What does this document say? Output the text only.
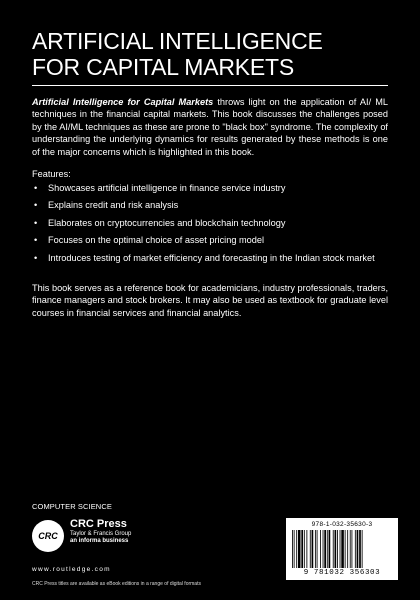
ARTIFICIAL INTELLIGENCE
FOR CAPITAL MARKETS
Artificial Intelligence for Capital Markets throws light on the application of AI/ ML techniques in the financial capital markets. This book discusses the challenges posed by the AI/ML techniques as these are prone to "black box" syndrome. The complexity of understanding the underlying dynamics for results generated by these methods is one of the major concerns which is highlighted in this book.
Features:
• Showcases artificial intelligence in finance service industry
• Explains credit and risk analysis
• Elaborates on cryptocurrencies and blockchain technology
• Focuses on the optimal choice of asset pricing model
• Introduces testing of market efficiency and forecasting in the Indian stock market
This book serves as a reference book for academicians, industry professionals, traders, finance managers and stock brokers. It may also be used as textbook for graduate level courses in financial services and financial analytics.
COMPUTER SCIENCE
CRC
CRC Press
Taylor & Francis Group
an informa business
www.routledge.com
CRC Press titles are available as eBook editions in a range of digital formats
978-1-032-35630-3
9 781032 356303
